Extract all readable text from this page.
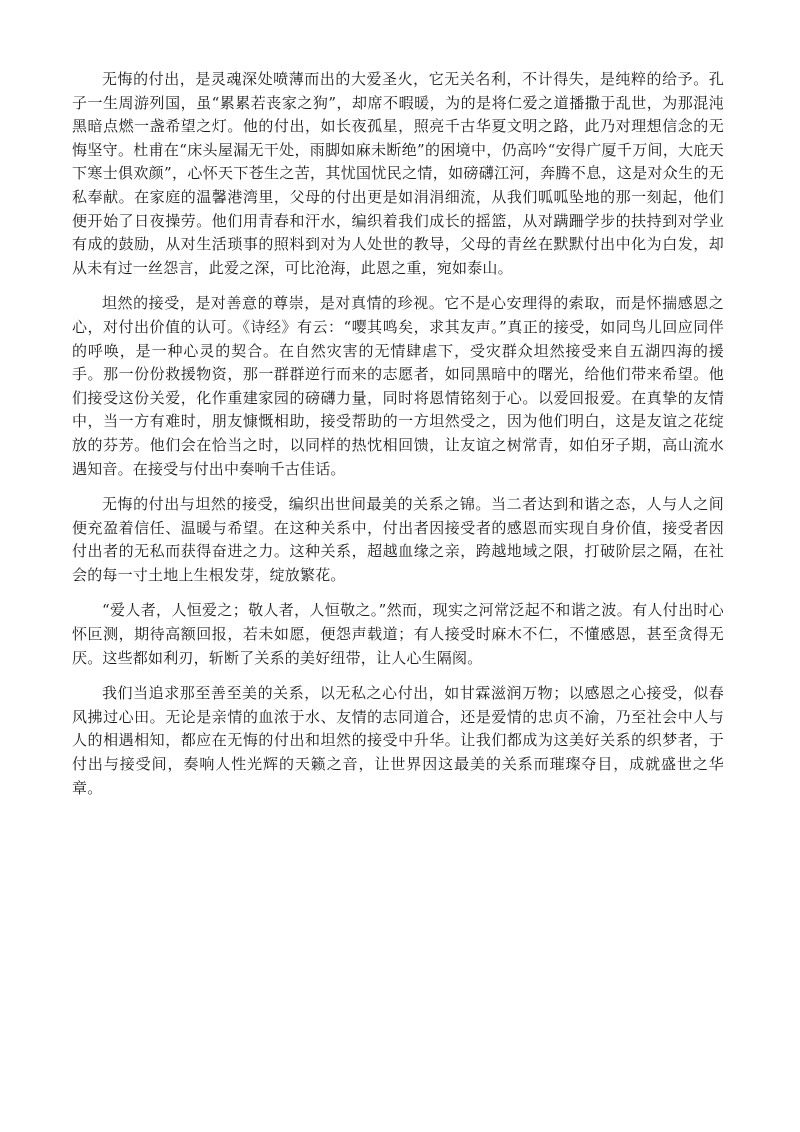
无悔的付出，是灵魂深处喷薄而出的大爱圣火，它无关名利，不计得失，是纯粹的给予。孔子一生周游列国，虽“累累若丧家之狗”，却席不暇暖，为的是将仁爱之道播撒于乱世，为那混沌黑暗点燃一盏希望之灯。他的付出，如长夜孤星，照亮千古华夏文明之路，此乃对理想信念的无悔坚守。杜甫在“床头屋漏无干处，雨脚如麻未断绝”的困境中，仍高吟“安得广厦千万间，大庇天下寒士俱欢颜”，心怀天下苍生之苦，其忧国忧民之情，如磅礴江河，奔腾不息，这是对众生的无私奉献。在家庭的温馨港湾里，父母的付出更是如涓涓细流，从我们呱呱坠地的那一刻起，他们便开始了日夜操劳。他们用青春和汗水，编织着我们成长的摇篮，从对蹒跚学步的扶持到对学业有成的鼓励，从对生活琐事的照料到对为人处世的教导，父母的青丝在默默付出中化为白发，却从未有过一丝怨言，此爱之深，可比沧海，此恩之重，宛如泰山。

坦然的接受，是对善意的尊崇，是对真情的珍视。它不是心安理得的索取，而是怀揣感恩之心，对付出价值的认可。《诗经》有云：“嘤其鸣矣，求其友声。”真正的接受，如同鸟儿回应同伴的呼唤，是一种心灵的契合。在自然灾害的无情肆虐下，受灾群众坦然接受来自五湖四海的援手。那一份份救援物资，那一群群逆行而来的志愿者，如同黑暗中的曙光，给他们带来希望。他们接受这份关爱，化作重建家园的磅礴力量，同时将恩情铭刻于心。以爱回报爱。在真挚的友情中，当一方有难时，朋友慷慨相助，接受帮助的一方坦然受之，因为他们明白，这是友谊之花绽放的芬芳。他们会在恰当之时，以同样的热忱相回馈，让友谊之树常青，如伯牙子期，高山流水遇知音。在接受与付出中奏响千古佳话。

无悔的付出与坦然的接受，编织出世间最美的关系之锦。当二者达到和谐之态，人与人之间便充盈着信任、温暖与希望。在这种关系中，付出者因接受者的感恩而实现自身价值，接受者因付出者的无私而获得奋进之力。这种关系，超越血缘之亲，跨越地域之限，打破阶层之隔，在社会的每一寸土地上生根发芽，绽放繁花。

“爱人者，人恒爱之；敬人者，人恒敬之。”然而，现实之河常泛起不和谐之波。有人付出时心怀叵测，期待高额回报，若未如愿，便怨声载道；有人接受时麻木不仁，不懂感恩，甚至贪得无厌。这些都如利刃，斩断了关系的美好纽带，让人心生隔阂。

我们当追求那至善至美的关系，以无私之心付出，如甘霖滋润万物；以感恩之心接受，似春风拂过心田。无论是亲情的血浓于水、友情的志同道合，还是爱情的忠贞不渝，乃至社会中人与人的相遇相知，都应在无悔的付出和坦然的接受中升华。让我们都成为这美好关系的织梦者，于付出与接受间，奏响人性光辉的天籁之音，让世界因这最美的关系而璀璨夺目，成就盛世之华章。
